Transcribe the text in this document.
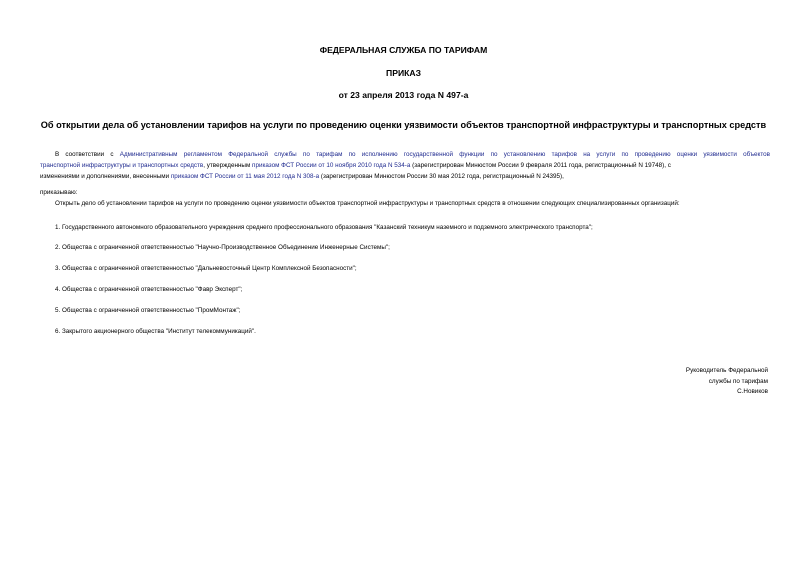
ФЕДЕРАЛЬНАЯ СЛУЖБА ПО ТАРИФАМ
ПРИКАЗ
от 23 апреля 2013 года N 497-а
Об открытии дела об установлении тарифов на услуги по проведению оценки уязвимости объектов транспортной инфраструктуры и транспортных средств
В соответствии с Административным регламентом Федеральной службы по тарифам по исполнению государственной функции по установлению тарифов на услуги по проведению оценки уязвимости объектов
транспортной инфраструктуры и транспортных средств, утвержденным приказом ФСТ России от 10 ноября 2010 года N 534-а (зарегистрирован Минюстом России 9 февраля 2011 года, регистрационный N 19748), с
изменениями и дополнениями, внесенными приказом ФСТ России от 11 мая 2012 года N 308-а (зарегистрирован Минюстом России 30 мая 2012 года, регистрационный N 24395),
приказываю:
Открыть дело об установлении тарифов на услуги по проведению оценки уязвимости объектов транспортной инфраструктуры и транспортных средств в отношении следующих специализированных организаций:
1. Государственного автономного образовательного учреждения среднего профессионального образования "Казанский техникум наземного и подземного электрического транспорта";
2. Общества с ограниченной ответственностью "Научно-Производственное Объединение Инженерные Системы";
3. Общества с ограниченной ответственностью "Дальневосточный Центр Комплексной Безопасности";
4. Общества с ограниченной ответственностью "Фавр Эксперт";
5. Общества с ограниченной ответственностью "ПромМонтаж";
6. Закрытого акционерного общества "Институт телекоммуникаций".
Руководитель Федеральной
службы по тарифам
С.Новиков
